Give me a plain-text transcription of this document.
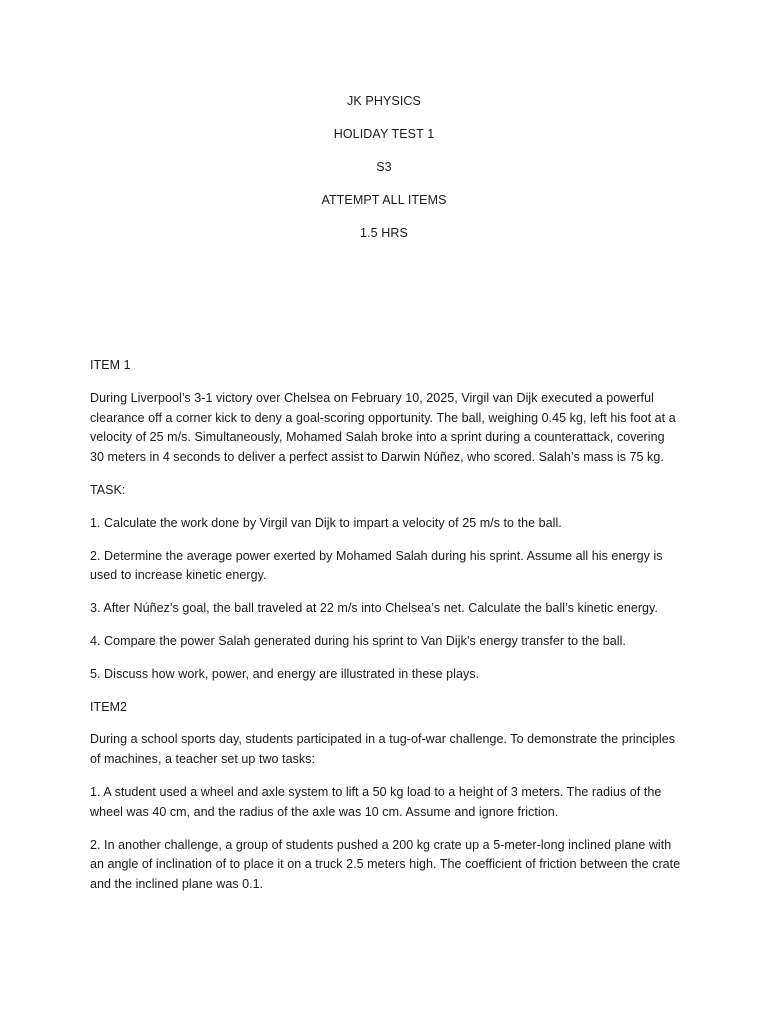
JK PHYSICS
HOLIDAY TEST 1
S3
ATTEMPT ALL ITEMS
1.5 HRS
ITEM 1
During Liverpool’s 3-1 victory over Chelsea on February 10, 2025, Virgil van Dijk executed a powerful clearance off a corner kick to deny a goal-scoring opportunity. The ball, weighing 0.45 kg, left his foot at a velocity of 25 m/s. Simultaneously, Mohamed Salah broke into a sprint during a counterattack, covering 30 meters in 4 seconds to deliver a perfect assist to Darwin Núñez, who scored. Salah’s mass is 75 kg.
TASK:
1. Calculate the work done by Virgil van Dijk to impart a velocity of 25 m/s to the ball.
2. Determine the average power exerted by Mohamed Salah during his sprint. Assume all his energy is used to increase kinetic energy.
3. After Núñez’s goal, the ball traveled at 22 m/s into Chelsea’s net. Calculate the ball’s kinetic energy.
4. Compare the power Salah generated during his sprint to Van Dijk’s energy transfer to the ball.
5. Discuss how work, power, and energy are illustrated in these plays.
ITEM2
During a school sports day, students participated in a tug-of-war challenge. To demonstrate the principles of machines, a teacher set up two tasks:
1. A student used a wheel and axle system to lift a 50 kg load to a height of 3 meters. The radius of the wheel was 40 cm, and the radius of the axle was 10 cm. Assume and ignore friction.
2. In another challenge, a group of students pushed a 200 kg crate up a 5-meter-long inclined plane with an angle of inclination of to place it on a truck 2.5 meters high. The coefficient of friction between the crate and the inclined plane was 0.1.
